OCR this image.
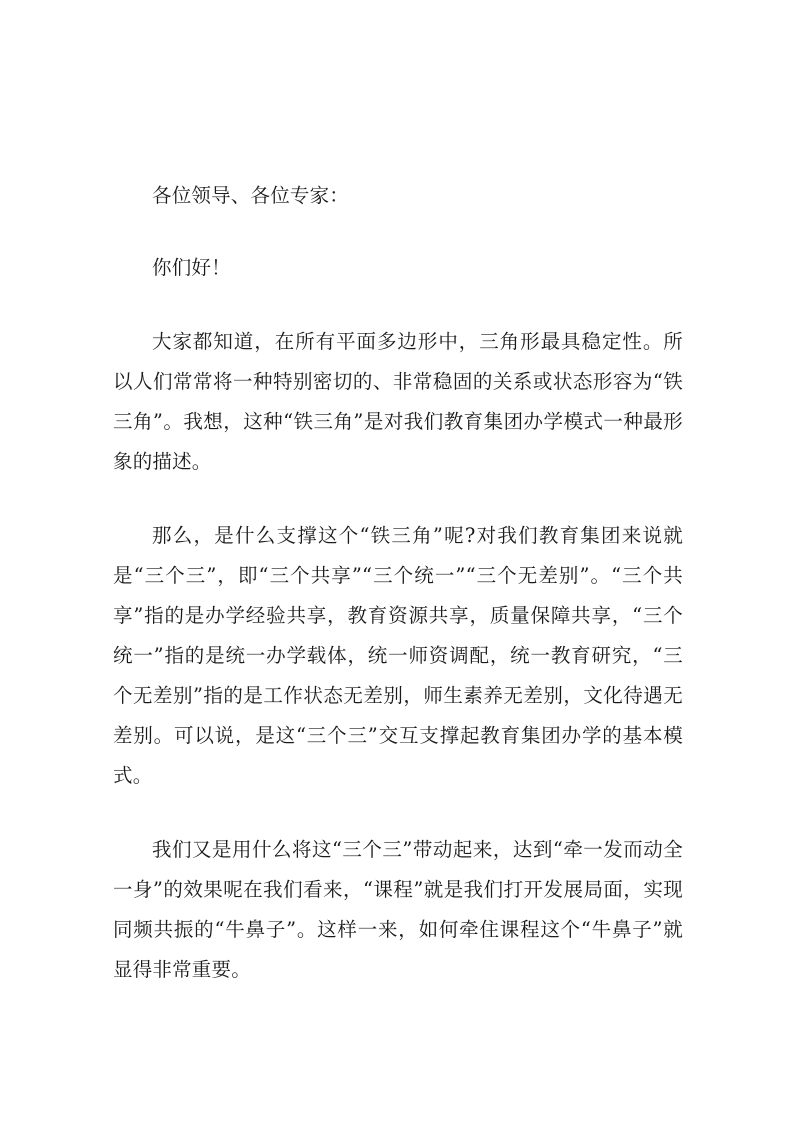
各位领导、各位专家：

你们好！

大家都知道，在所有平面多边形中，三角形最具稳定性。所以人们常常将一种特别密切的、非常稳固的关系或状态形容为“铁三角”。我想，这种“铁三角”是对我们教育集团办学模式一种最形象的描述。

那么，是什么支撑这个“铁三角”呢?对我们教育集团来说就是“三个三”，即“三个共享”“三个统一”“三个无差别”。“三个共享”指的是办学经验共享，教育资源共享，质量保障共享，“三个统一”指的是统一办学载体，统一师资调配，统一教育研究，“三个无差别”指的是工作状态无差别，师生素养无差别，文化待遇无差别。可以说，是这“三个三”交互支撑起教育集团办学的基本模式。

我们又是用什么将这“三个三”带动起来，达到“牵一发而动全一身”的效果呢在我们看来，“课程”就是我们打开发展局面，实现同频共振的“牛鼻子”。这样一来，如何牵住课程这个“牛鼻子”就显得非常重要。
